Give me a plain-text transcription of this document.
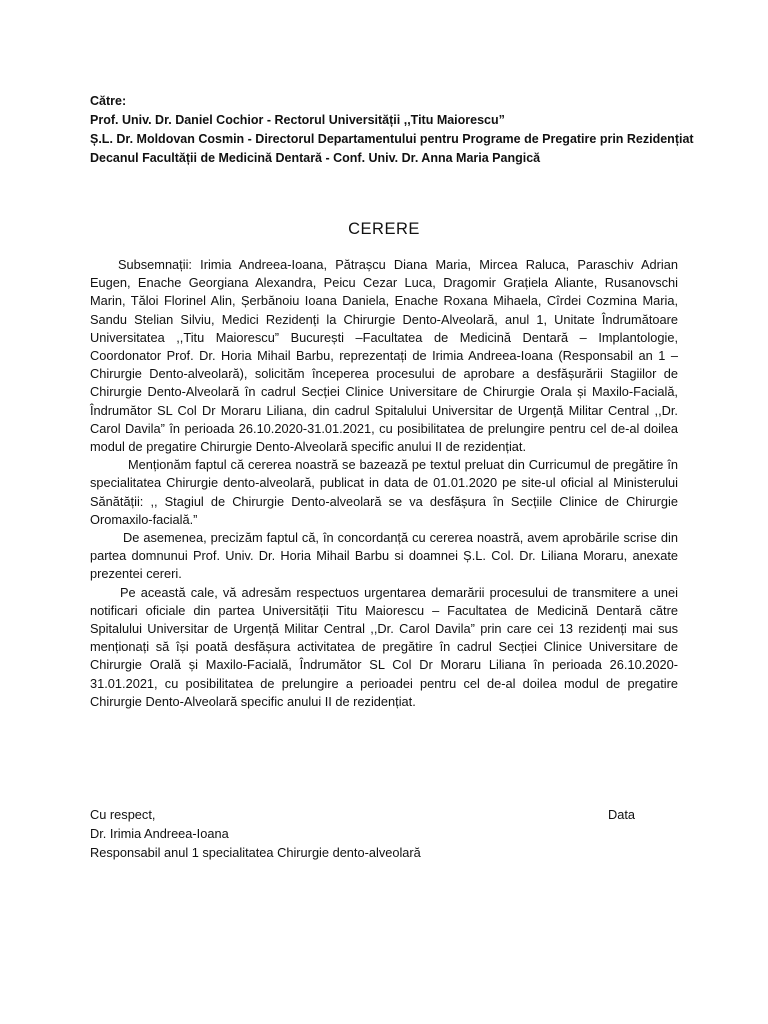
Către:
Prof. Univ. Dr. Daniel Cochior - Rectorul Universității ,,Titu Maiorescu”
Ș.L. Dr. Moldovan Cosmin - Directorul Departamentului pentru Programe de Pregatire prin Rezidențiat
Decanul Facultății de Medicină Dentară - Conf. Univ. Dr. Anna Maria Pangică
CERERE

Subsemnații: Irimia Andreea-Ioana, Pătrașcu Diana Maria, Mircea Raluca, Paraschiv Adrian Eugen, Enache Georgiana Alexandra, Peicu Cezar Luca, Dragomir Grațiela Aliante, Rusanovschi Marin, Tăloi Florinel Alin, Șerbănoiu Ioana Daniela, Enache Roxana Mihaela, Cîrdei Cozmina Maria, Sandu Stelian Silviu, Medici Rezidenți la Chirurgie Dento-Alveolară, anul 1, Unitate Îndrumătoare Universitatea ,,Titu Maiorescu” București –Facultatea de Medicină Dentară – Implantologie, Coordonator Prof. Dr. Horia Mihail Barbu, reprezentați de Irimia Andreea-Ioana (Responsabil an 1 – Chirurgie Dento-alveolară), solicităm începerea procesului de aprobare a desfășurării Stagiilor de Chirurgie Dento-Alveolară în cadrul Secției Clinice Universitare de Chirurgie Orala și Maxilo-Facială, Îndrumător SL Col Dr Moraru Liliana, din cadrul Spitalului Universitar de Urgență Militar Central ,,Dr. Carol Davila” în perioada 26.10.2020-31.01.2021, cu posibilitatea de prelungire pentru cel de-al doilea modul de pregatire Chirurgie Dento-Alveolară specific anului II de rezidențiat.

Menționăm faptul că cererea noastră se bazează pe textul preluat din Curricumul de pregătire în specialitatea Chirurgie dento-alveolară, publicat in data de 01.01.2020 pe site-ul oficial al Ministerului Sănătății: ,, Stagiul de Chirurgie Dento-alveolară se va desfășura în Secțiile Clinice de Chirurgie Oromaxilo-facială.”

De asemenea, precizăm faptul că, în concordanță cu cererea noastră, avem aprobările scrise din partea domnunui Prof. Univ. Dr. Horia Mihail Barbu si doamnei Ș.L. Col. Dr. Liliana Moraru, anexate prezentei cereri.

Pe această cale, vă adresăm respectuos urgentarea demarării procesului de transmitere a unei notificari oficiale din partea Universității Titu Maiorescu – Facultatea de Medicină Dentară către Spitalului Universitar de Urgență Militar Central ,,Dr. Carol Davila” prin care cei 13 rezidenți mai sus menționați să își poată desfășura activitatea de pregătire în cadrul Secției Clinice Universitare de Chirurgie Orală și Maxilo-Facială, Îndrumător SL Col Dr Moraru Liliana în perioada 26.10.2020-31.01.2021, cu posibilitatea de prelungire a perioadei pentru cel de-al doilea modul de pregatire Chirurgie Dento-Alveolară specific anului II de rezidențiat.

Cu respect,
Dr. Irimia Andreea-Ioana
Responsabil anul 1 specialitatea Chirurgie dento-alveolară
Data
